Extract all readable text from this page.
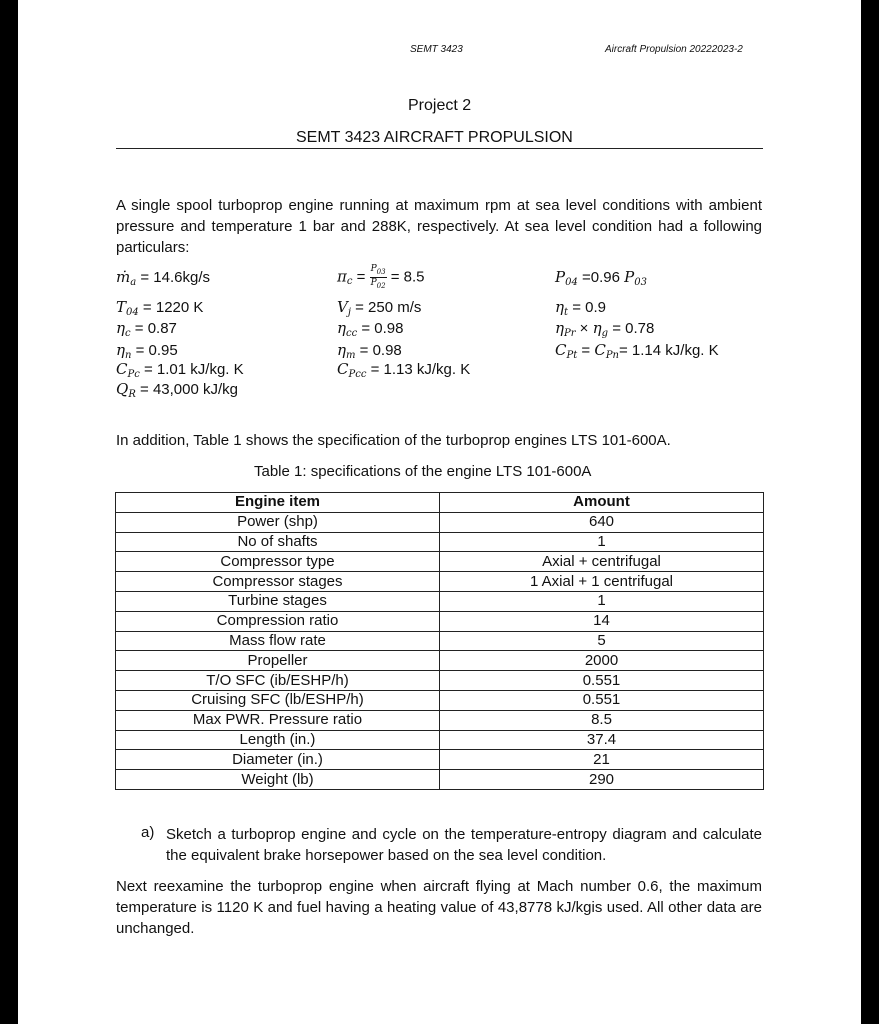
SEMT 3423	Aircraft Propulsion 20222023-2
Project 2
SEMT 3423 AIRCRAFT PROPULSION
A single spool turboprop engine running at maximum rpm at sea level conditions with ambient pressure and temperature 1 bar and 288K, respectively. At sea level condition had a following particulars:
ṁ$_a$ = 14.6kg/s	$\pi_c = \frac{P_{03}}{P_{02}} = 8.5$	$P_{04} =0.96$ $P_{03}$
$T_{04} = 1220$ K	$V_j = 250$ m/s	$\eta_t = 0.9$
$\eta_c = 0.87$	$\eta_{cc} = 0.98$	$\eta_{Pr} \times \eta_g = 0.78$
$\eta_n = 0.95$	$\eta_m = 0.98$	$C_{Pt} = C_{Pn}= 1.14$ kJ/kg. K
$C_{Pc} = 1.01$ kJ/kg. K	$C_{Pcc} = 1.13$ kJ/kg. K
$Q_R = 43,000$ kJ/kg
In addition, Table 1 shows the specification of the turboprop engines LTS 101-600A.
Table 1: specifications of the engine LTS 101-600A
Engine item	Amount
Power (shp)	640
No of shafts	1
Compressor type	Axial + centrifugal
Compressor stages	1 Axial + 1 centrifugal
Turbine stages	1
Compression ratio	14
Mass flow rate	5
Propeller	2000
T/O SFC (ib/ESHP/h)	0.551
Cruising SFC (lb/ESHP/h)	0.551
Max PWR. Pressure ratio	8.5
Length (in.)	37.4
Diameter (in.)	21
Weight (lb)	290
a) Sketch a turboprop engine and cycle on the temperature-entropy diagram and calculate the equivalent brake horsepower based on the sea level condition.
Next reexamine the turboprop engine when aircraft flying at Mach number 0.6, the maximum temperature is 1120 K and fuel having a heating value of 43,8778 kJ/kgis used. All other data are unchanged.
